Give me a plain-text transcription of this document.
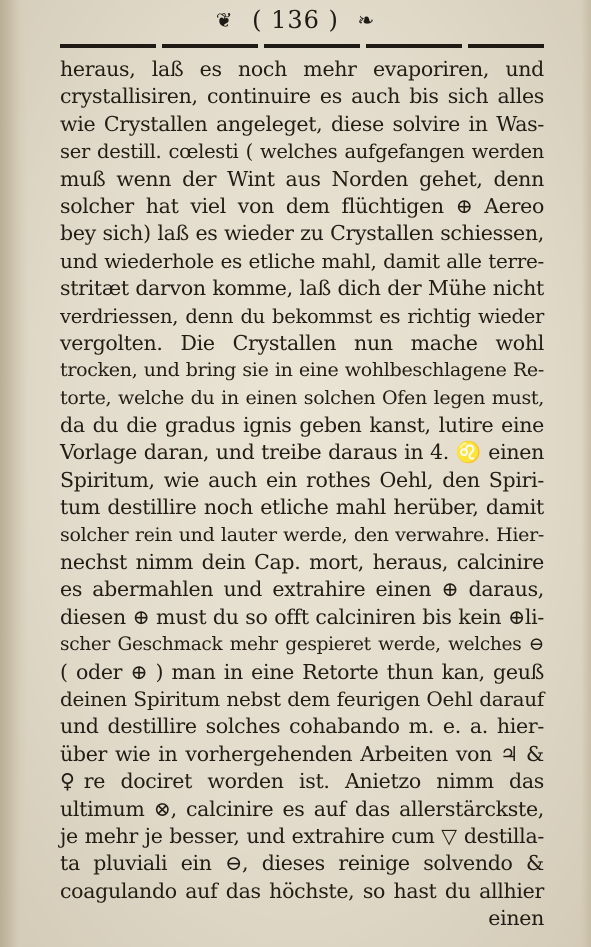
❦ ( 136 ) ❧
heraus, laß es noch mehr evaporiren, und
crystallisiren, continuire es auch bis sich alles
wie Crystallen angeleget, diese solvire in Was-
ser destill. cœlesti ( welches aufgefangen werden
muß wenn der Wint aus Norden gehet, denn
solcher hat viel von dem flüchtigen ⊕ Aereo
bey sich) laß es wieder zu Crystallen schiessen,
und wiederhole es etliche mahl, damit alle terre-
stritæt darvon komme, laß dich der Mühe nicht
verdriessen, denn du bekommst es richtig wieder
vergolten. Die Crystallen nun mache wohl
trocken, und bring sie in eine wohlbeschlagene Re-
torte, welche du in einen solchen Ofen legen must,
da du die gradus ignis geben kanst, lutire eine
Vorlage daran, und treibe daraus in 4. ♌ einen
Spiritum, wie auch ein rothes Oehl, den Spiri-
tum destillire noch etliche mahl herüber, damit
solcher rein und lauter werde, den verwahre. Hier-
nechst nimm dein Cap. mort, heraus, calcinire
es abermahlen und extrahire einen ⊕ daraus,
diesen ⊕ must du so offt calciniren bis kein ⊕li-
scher Geschmack mehr gespieret werde, welches ⊖
( oder ⊕ ) man in eine Retorte thun kan, geuß
deinen Spiritum nebst dem feurigen Oehl darauf
und destillire solches cohabando m. e. a. hier-
über wie in vorhergehenden Arbeiten von ♃ &
♀re dociret worden ist. Anietzo nimm das
ultimum ⊗, calcinire es auf das allerstärckste,
je mehr je besser, und extrahire cum ▽ destilla-
ta pluviali ein ⊖, dieses reinige solvendo &
coagulando auf das höchste, so hast du allhier
einen
